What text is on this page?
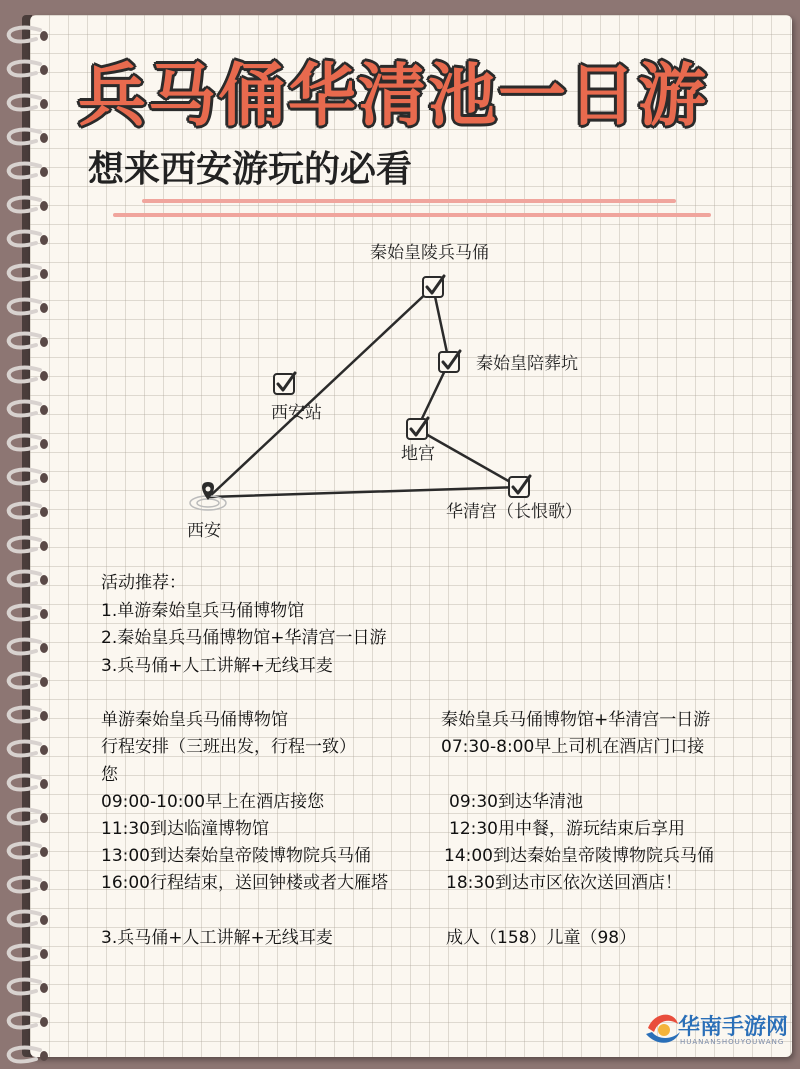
兵马俑华清池一日游
想来西安游玩的必看
秦始皇陵兵马俑
秦始皇陪葬坑
西安站
地宫
华清宫（长恨歌）
西安
活动推荐：
1.单游秦始皇兵马俑博物馆
2.秦始皇兵马俑博物馆+华清宫一日游
3.兵马俑+人工讲解+无线耳麦
单游秦始皇兵马俑博物馆
行程安排（三班出发，行程一致）
您
09:00-10:00早上在酒店接您
11:30到达临潼博物馆
13:00到达秦始皇帝陵博物院兵马俑
16:00行程结束，送回钟楼或者大雁塔
秦始皇兵马俑博物馆+华清宫一日游
07:30-8:00早上司机在酒店门口接
09:30到达华清池
12:30用中餐，游玩结束后享用
14:00到达秦始皇帝陵博物院兵马俑
18:30到达市区依次送回酒店！
3.兵马俑+人工讲解+无线耳麦	成人（158）儿童（98）
华南手游网
HUANANSHOUYOUWANG
